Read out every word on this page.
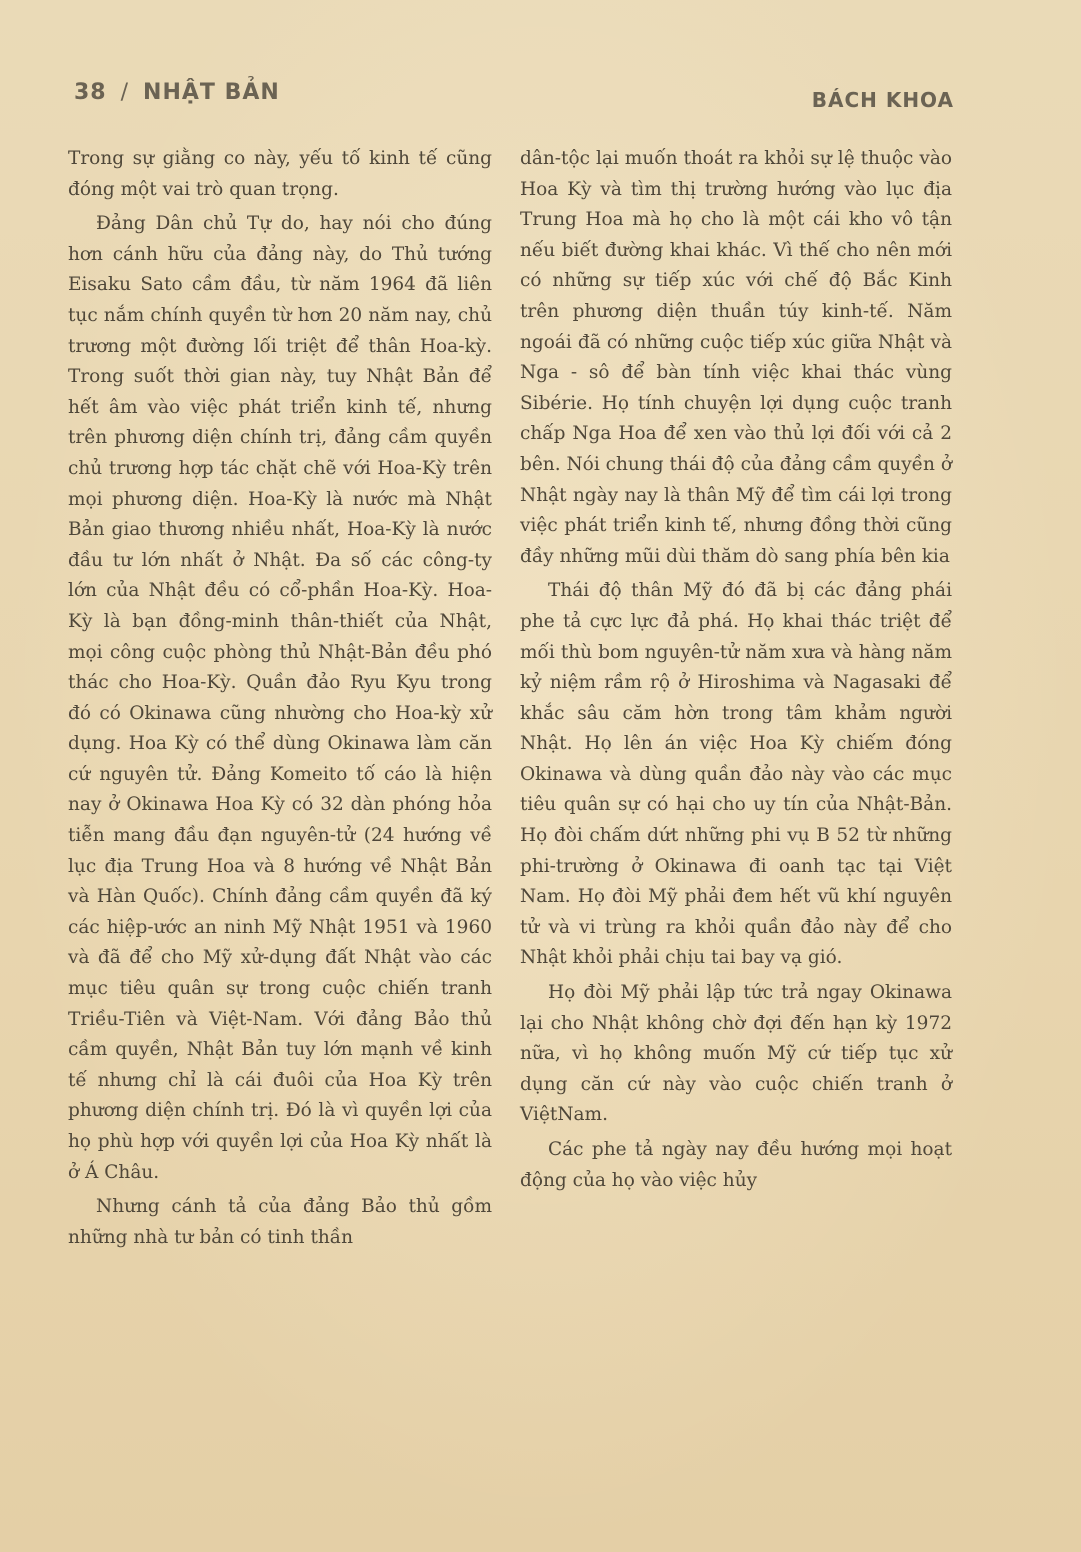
38 / NHẬT BẢN	BÁCH KHOA

Trong sự giằng co này, yếu tố kinh tế cũng đóng một vai trò quan trọng.

Đảng Dân chủ Tự do, hay nói cho đúng hơn cánh hữu của đảng này, do Thủ tướng Eisaku Sato cầm đầu, từ năm 1964 đã liên tục nắm chính quyền từ hơn 20 năm nay, chủ trương một đường lối triệt để thân Hoa-kỳ. Trong suốt thời gian này, tuy Nhật Bản để hết âm vào việc phát triển kinh tế, nhưng trên phương diện chính trị, đảng cầm quyền chủ trương hợp tác chặt chẽ với Hoa-Kỳ trên mọi phương diện. Hoa-Kỳ là nước mà Nhật Bản giao thương nhiều nhất, Hoa-Kỳ là nước đầu tư lớn nhất ở Nhật. Đa số các công-ty lớn của Nhật đều có cổ-phần Hoa-Kỳ. Hoa-Kỳ là bạn đồng-minh thân-thiết của Nhật, mọi công cuộc phòng thủ Nhật-Bản đều phó thác cho Hoa-Kỳ. Quần đảo Ryu Kyu trong đó có Okinawa cũng nhường cho Hoa-kỳ xử dụng. Hoa Kỳ có thể dùng Okinawa làm căn cứ nguyên tử. Đảng Komeito tố cáo là hiện nay ở Okinawa Hoa Kỳ có 32 dàn phóng hỏa tiễn mang đầu đạn nguyên-tử (24 hướng về lục địa Trung Hoa và 8 hướng về Nhật Bản và Hàn Quốc). Chính đảng cầm quyền đã ký các hiệp-ước an ninh Mỹ Nhật 1951 và 1960 và đã để cho Mỹ xử-dụng đất Nhật vào các mục tiêu quân sự trong cuộc chiến tranh Triều-Tiên và Việt-Nam. Với đảng Bảo thủ cầm quyền, Nhật Bản tuy lớn mạnh về kinh tế nhưng chỉ là cái đuôi của Hoa Kỳ trên phương diện chính trị. Đó là vì quyền lợi của họ phù hợp với quyền lợi của Hoa Kỳ nhất là ở Á Châu.

Nhưng cánh tả của đảng Bảo thủ gồm những nhà tư bản có tinh thần

dân-tộc lại muốn thoát ra khỏi sự lệ thuộc vào Hoa Kỳ và tìm thị trường hướng vào lục địa Trung Hoa mà họ cho là một cái kho vô tận nếu biết đường khai khác. Vì thế cho nên mới có những sự tiếp xúc với chế độ Bắc Kinh trên phương diện thuần túy kinh-tế. Năm ngoái đã có những cuộc tiếp xúc giữa Nhật và Nga - sô để bàn tính việc khai thác vùng Sibérie. Họ tính chuyện lợi dụng cuộc tranh chấp Nga Hoa để xen vào thủ lợi đối với cả 2 bên. Nói chung thái độ của đảng cầm quyền ở Nhật ngày nay là thân Mỹ để tìm cái lợi trong việc phát triển kinh tế, nhưng đồng thời cũng đầy những mũi dùi thăm dò sang phía bên kia

Thái độ thân Mỹ đó đã bị các đảng phái phe tả cực lực đả phá. Họ khai thác triệt để mối thù bom nguyên-tử năm xưa và hàng năm kỷ niệm rầm rộ ở Hiroshima và Nagasaki để khắc sâu căm hờn trong tâm khảm người Nhật. Họ lên án việc Hoa Kỳ chiếm đóng Okinawa và dùng quần đảo này vào các mục tiêu quân sự có hại cho uy tín của Nhật-Bản. Họ đòi chấm dứt những phi vụ B 52 từ những phi-trường ở Okinawa đi oanh tạc tại Việt Nam. Họ đòi Mỹ phải đem hết vũ khí nguyên tử và vi trùng ra khỏi quần đảo này để cho Nhật khỏi phải chịu tai bay vạ gió.

Họ đòi Mỹ phải lập tức trả ngay Okinawa lại cho Nhật không chờ đợi đến hạn kỳ 1972 nữa, vì họ không muốn Mỹ cứ tiếp tục xử dụng căn cứ này vào cuộc chiến tranh ở ViệtNam.

Các phe tả ngày nay đều hướng mọi hoạt động của họ vào việc hủy
